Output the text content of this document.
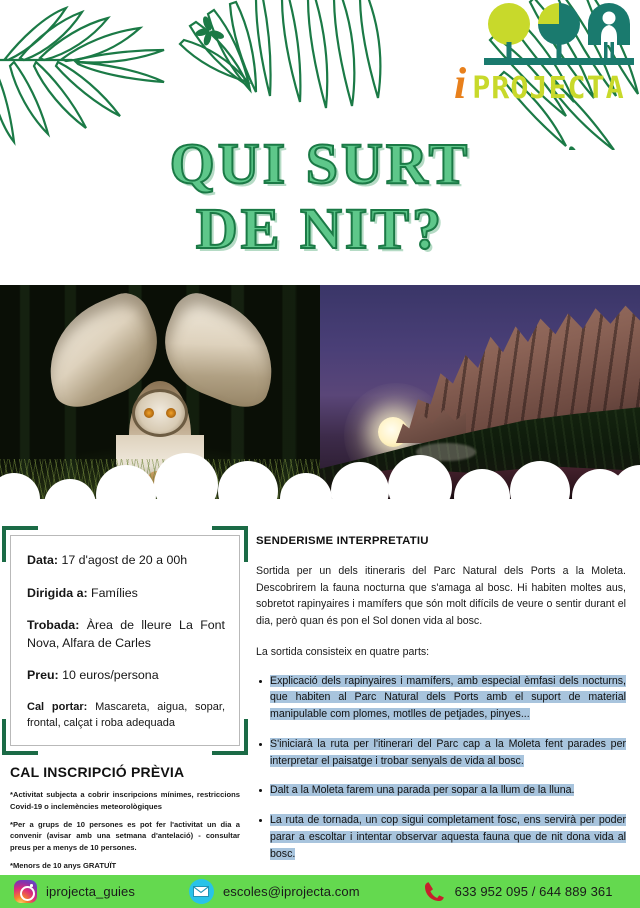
i PROJECTA
QUI SURT
DE NIT?
Data: 17 d'agost de 20 a 00h
Dirigida a: Famílies
Trobada: Àrea de lleure La Font Nova, Alfara de Carles
Preu: 10 euros/persona
Cal portar: Mascareta, aigua, sopar, frontal, calçat i roba adequada
CAL INSCRIPCIÓ PRÈVIA
*Activitat subjecta a cobrir inscripcions mínimes, restriccions Covid-19 o inclemències meteorològiques
*Per a grups de 10 persones es pot fer l'activitat un dia a convenir (avisar amb una setmana d'antelació) - consultar preus per a menys de 10 persones.
*Menors de 10 anys GRATUÏT
SENDERISME INTERPRETATIU
Sortida per un dels itineraris del Parc Natural dels Ports a la Moleta. Descobrirem la fauna nocturna que s'amaga al bosc. Hi habiten moltes aus, sobretot rapinyaires i mamífers que són molt difícils de veure o sentir durant el dia, però quan és pon el Sol donen vida al bosc.
La sortida consisteix en quatre parts:
Explicació dels rapinyaires i mamífers, amb especial èmfasi dels nocturns, que habiten al Parc Natural dels Ports amb el suport de material manipulable com plomes, motlles de petjades, pinyes...
S'iniciarà la ruta per l'itinerari del Parc cap a la Moleta fent parades per interpretar el paisatge i trobar senyals de vida al bosc.
Dalt a la Moleta farem una parada per sopar a la llum de la lluna.
La ruta de tornada, un cop sigui completament fosc, ens servirà per poder parar a escoltar i intentar observar aquesta fauna que de nit dona vida al bosc.
iprojecta_guies	escoles@iprojecta.com	633 952 095 / 644 889 361
